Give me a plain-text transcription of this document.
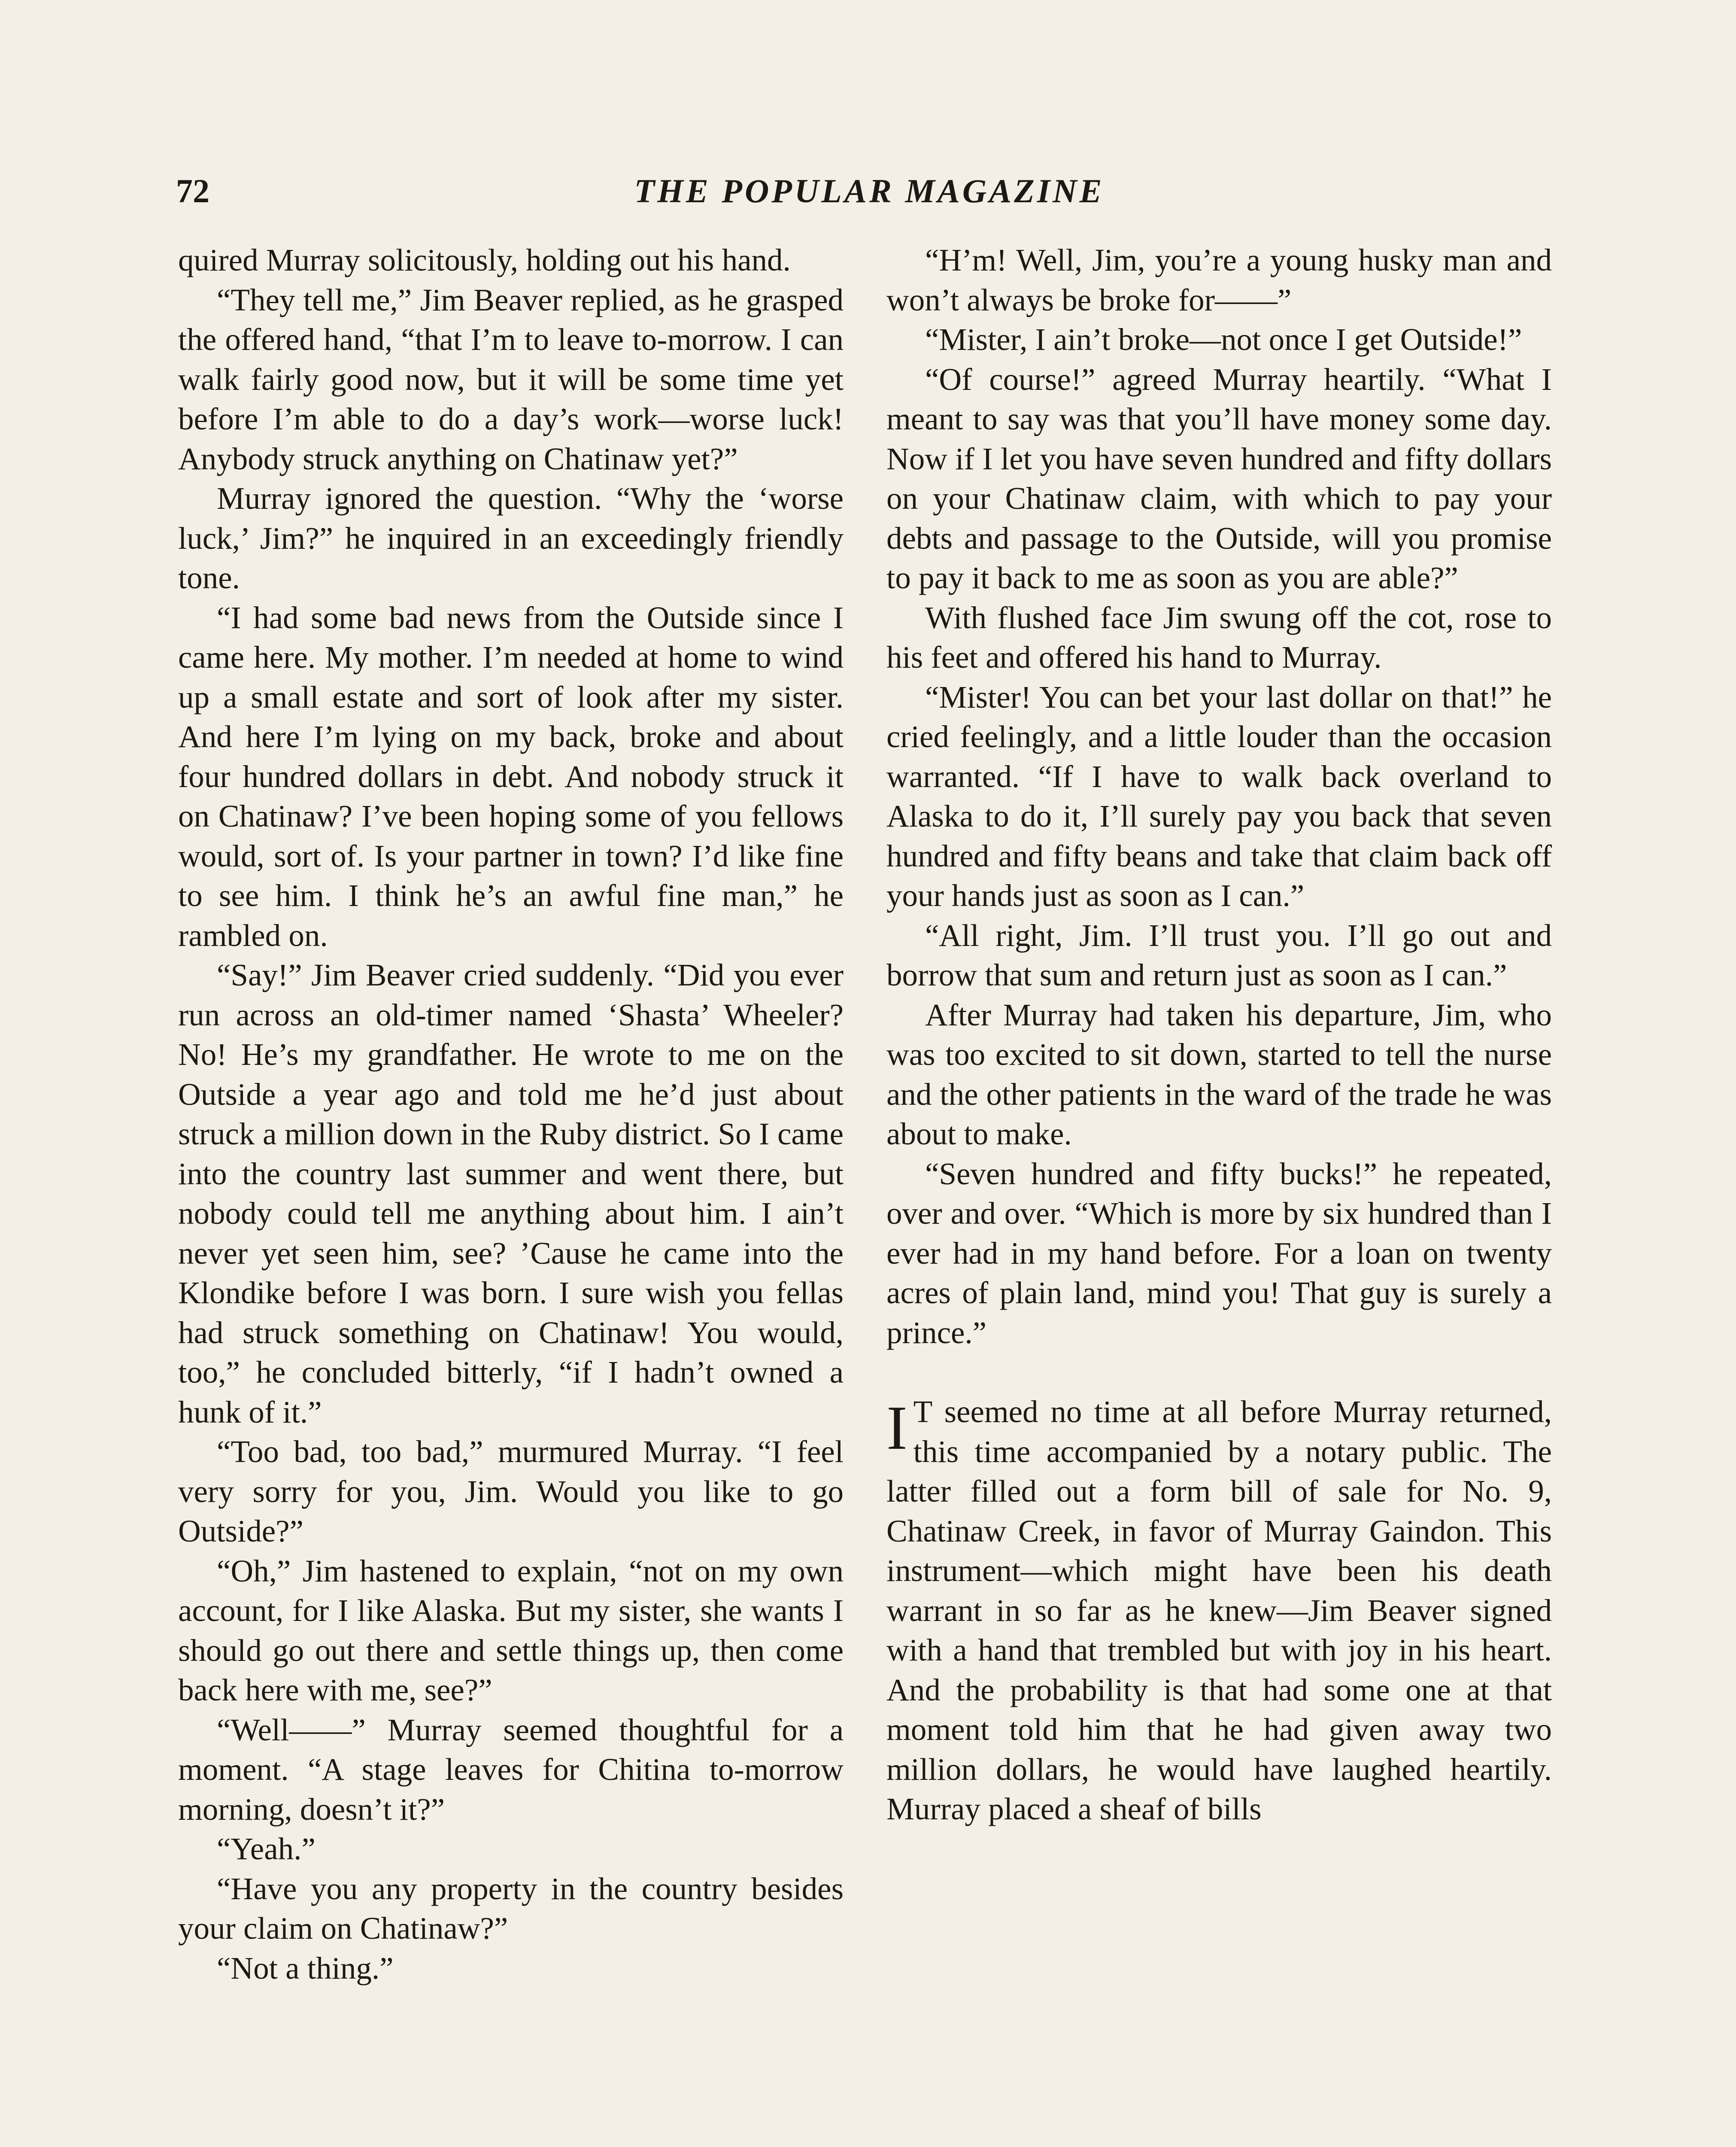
72	THE POPULAR MAGAZINE

quired Murray solicitously, holding out his hand.

“They tell me,” Jim Beaver replied, as he grasped the offered hand, “that I’m to leave to-morrow. I can walk fairly good now, but it will be some time yet before I’m able to do a day’s work—worse luck! Anybody struck anything on Chatinaw yet?”

Murray ignored the question. “Why the ‘worse luck,’ Jim?” he inquired in an exceedingly friendly tone.

“I had some bad news from the Outside since I came here. My mother. I’m needed at home to wind up a small estate and sort of look after my sister. And here I’m lying on my back, broke and about four hundred dollars in debt. And nobody struck it on Chatinaw? I’ve been hoping some of you fellows would, sort of. Is your partner in town? I’d like fine to see him. I think he’s an awful fine man,” he rambled on.

“Say!” Jim Beaver cried suddenly. “Did you ever run across an old-timer named ‘Shasta’ Wheeler? No! He’s my grandfather. He wrote to me on the Outside a year ago and told me he’d just about struck a million down in the Ruby district. So I came into the country last summer and went there, but nobody could tell me anything about him. I ain’t never yet seen him, see? ’Cause he came into the Klondike before I was born. I sure wish you fellas had struck something on Chatinaw! You would, too,” he concluded bitterly, “if I hadn’t owned a hunk of it.”

“Too bad, too bad,” murmured Murray. “I feel very sorry for you, Jim. Would you like to go Outside?”

“Oh,” Jim hastened to explain, “not on my own account, for I like Alaska. But my sister, she wants I should go out there and settle things up, then come back here with me, see?”

“Well——” Murray seemed thoughtful for a moment. “A stage leaves for Chitina to-morrow morning, doesn’t it?”

“Yeah.”

“Have you any property in the country besides your claim on Chatinaw?”

“Not a thing.”

“H’m! Well, Jim, you’re a young husky man and won’t always be broke for——”

“Mister, I ain’t broke—not once I get Outside!”

“Of course!” agreed Murray heartily. “What I meant to say was that you’ll have money some day. Now if I let you have seven hundred and fifty dollars on your Chatinaw claim, with which to pay your debts and passage to the Outside, will you promise to pay it back to me as soon as you are able?”

With flushed face Jim swung off the cot, rose to his feet and offered his hand to Murray.

“Mister! You can bet your last dollar on that!” he cried feelingly, and a little louder than the occasion warranted. “If I have to walk back overland to Alaska to do it, I’ll surely pay you back that seven hundred and fifty beans and take that claim back off your hands just as soon as I can.”

“All right, Jim. I’ll trust you. I’ll go out and borrow that sum and return just as soon as I can.”

After Murray had taken his departure, Jim, who was too excited to sit down, started to tell the nurse and the other patients in the ward of the trade he was about to make.

“Seven hundred and fifty bucks!” he repeated, over and over. “Which is more by six hundred than I ever had in my hand before. For a loan on twenty acres of plain land, mind you! That guy is surely a prince.”

I T seemed no time at all before Murray returned, this time accompanied by a notary public. The latter filled out a form bill of sale for No. 9, Chatinaw Creek, in favor of Murray Gaindon. This instrument—which might have been his death warrant in so far as he knew—Jim Beaver signed with a hand that trembled but with joy in his heart. And the probability is that had some one at that moment told him that he had given away two million dollars, he would have laughed heartily. Murray placed a sheaf of bills
